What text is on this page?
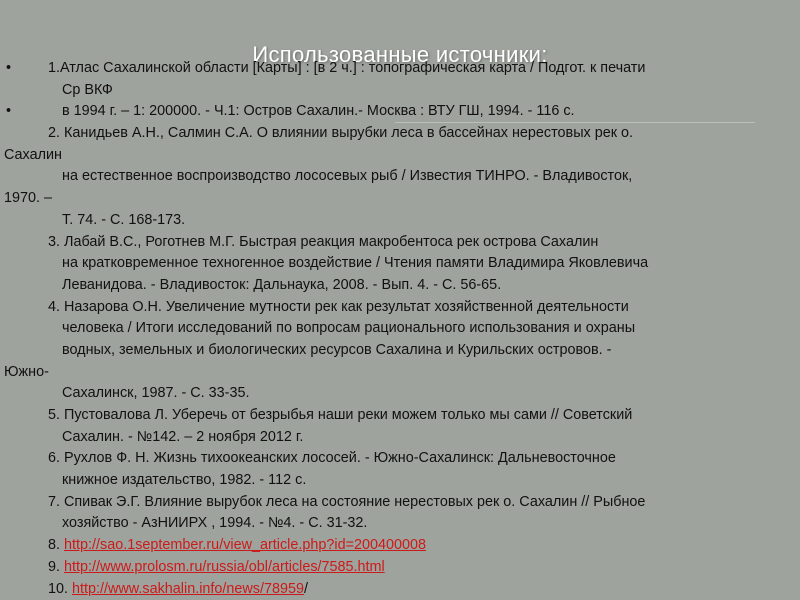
Использованные источники:
•	1.Атлас Сахалинской области [Карты] : [в 2 ч.] : топографическая карта / Подгот. к печати
Ср ВКФ
•	в 1994 г. – 1: 200000. - Ч.1: Остров Сахалин.- Москва : ВТУ ГШ, 1994. - 116 с.
2. Канидьев А.Н., Салмин С.А. О влиянии вырубки леса в бассейнах нерестовых рек о.
Сахалин
на естественное воспроизводство лососевых рыб / Известия ТИНРО. - Владивосток,
1970. –
Т. 74. - С. 168-173.
3. Лабай В.С., Роготнев М.Г. Быстрая реакция макробентоса рек острова Сахалин
на кратковременное техногенное воздействие / Чтения памяти Владимира Яковлевича
Леванидова. - Владивосток: Дальнаука, 2008. - Вып. 4. - С. 56-65.
4. Назарова О.Н. Увеличение мутности рек как результат хозяйственной деятельности
человека / Итоги исследований по вопросам рационального использования и охраны
водных, земельных и биологических ресурсов Сахалина и Курильских островов. -
Южно-
Сахалинск, 1987. - С. 33-35.
5. Пустовалова Л. Уберечь от безрыбья наши реки можем только мы сами // Советский
Сахалин. - №142. – 2 ноября 2012 г.
6. Рухлов Ф. Н. Жизнь тихоокеанских лососей. - Южно-Сахалинск: Дальневосточное
книжное издательство, 1982. - 112 с.
7. Спивак Э.Г. Влияние вырубок леса на состояние нерестовых рек о. Сахалин // Рыбное
хозяйство - АзНИИРХ , 1994. - №4. - С. 31-32.
8. http://sao.1september.ru/view_article.php?id=200400008
9. http://www.prolosm.ru/russia/obl/articles/7585.html
10. http://www.sakhalin.info/news/78959/
